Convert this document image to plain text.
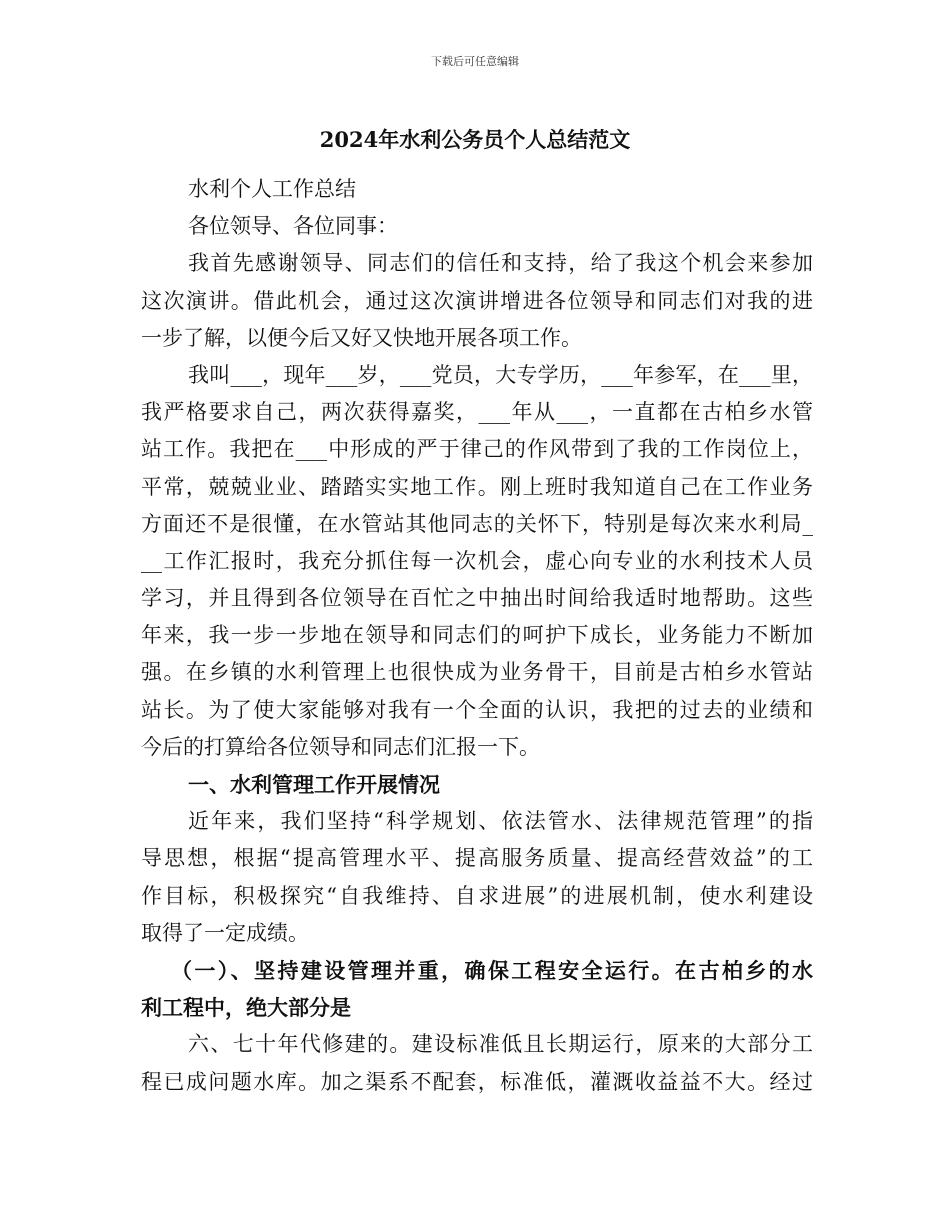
下载后可任意编辑
2024年水利公务员个人总结范文
水利个人工作总结
各位领导、各位同事：
我首先感谢领导、同志们的信任和支持，给了我这个机会来参加
这次演讲。借此机会，通过这次演讲增进各位领导和同志们对我的进
一步了解，以便今后又好又快地开展各项工作。
我叫___，现年___岁，___党员，大专学历，___年参军，在___里，
我严格要求自己，两次获得嘉奖，___年从___，一直都在古柏乡水管
站工作。我把在___中形成的严于律己的作风带到了我的工作岗位上，
平常，兢兢业业、踏踏实实地工作。刚上班时我知道自己在工作业务
方面还不是很懂，在水管站其他同志的关怀下，特别是每次来水利局_
__工作汇报时，我充分抓住每一次机会，虚心向专业的水利技术人员
学习，并且得到各位领导在百忙之中抽出时间给我适时地帮助。这些
年来，我一步一步地在领导和同志们的呵护下成长，业务能力不断加
强。在乡镇的水利管理上也很快成为业务骨干，目前是古柏乡水管站
站长。为了使大家能够对我有一个全面的认识，我把的过去的业绩和
今后的打算给各位领导和同志们汇报一下。
一、水利管理工作开展情况
近年来，我们坚持“科学规划、依法管水、法律规范管理”的指
导思想，根据“提高管理水平、提高服务质量、提高经营效益”的工
作目标，积极探究“自我维持、自求进展”的进展机制，使水利建设
取得了一定成绩。
（一）、坚持建设管理并重，确保工程安全运行。在古柏乡的水
利工程中，绝大部分是
六、七十年代修建的。建设标准低且长期运行，原来的大部分工
程已成问题水库。加之渠系不配套，标准低，灌溉收益益不大。经过
